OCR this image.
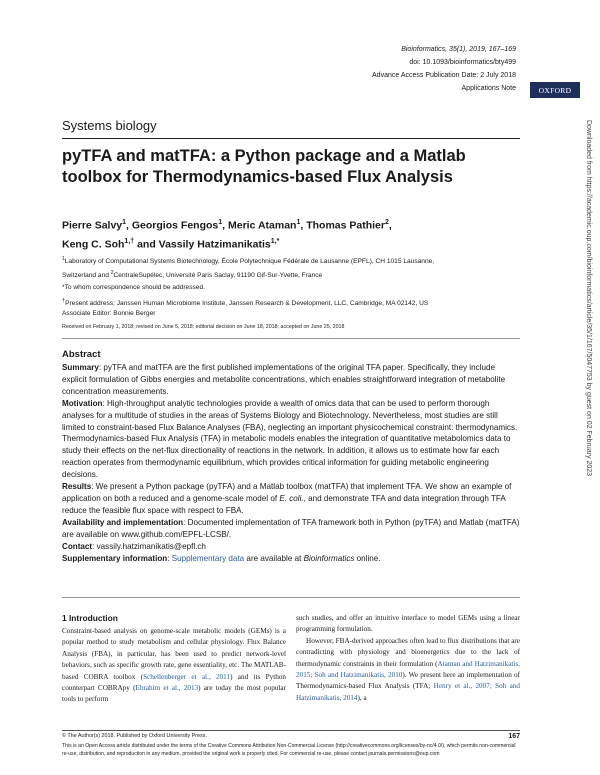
Bioinformatics, 35(1), 2019, 167–169
doi: 10.1093/bioinformatics/bty499
Advance Access Publication Date: 2 July 2018
Applications Note	OXFORD
Systems biology
pyTFA and matTFA: a Python package and a Matlab toolbox for Thermodynamics-based Flux Analysis
Pierre Salvy$^1$, Georgios Fengos$^1$, Meric Ataman$^1$, Thomas Pathier$^2$,
Keng C. Soh$^{1,\dagger}$ and Vassily Hatzimanikatis$^{1,*}$
$^1$Laboratory of Computational Systems Biotechnology, École Polytechnique Fédérale de Lausanne (EPFL), CH 1015 Lausanne, Switzerland and $^2$CentraleSupélec, Université Paris Saclay, 91190 Gif-Sur-Yvette, France
*To whom correspondence should be addressed.
†Present address: Janssen Human Microbiome Institute, Janssen Research & Development, LLC, Cambridge, MA 02142, US
Associate Editor: Bonnie Berger
Received on February 1, 2018; revised on June 5, 2018; editorial decision on June 18, 2018; accepted on June 25, 2018
Abstract

Summary: pyTFA and matTFA are the first published implementations of the original TFA paper. Specifically, they include explicit formulation of Gibbs energies and metabolite concentrations, which enables straightforward integration of metabolite concentration measurements.

Motivation: High-throughput analytic technologies provide a wealth of omics data that can be used to perform thorough analyses for a multitude of studies in the areas of Systems Biology and Biotechnology. Nevertheless, most studies are still limited to constraint-based Flux Balance Analyses (FBA), neglecting an important physicochemical constraint: thermodynamics. Thermodynamics-based Flux Analysis (TFA) in metabolic models enables the integration of quantitative metabolomics data to study their effects on the net-flux directionality of reactions in the network. In addition, it allows us to estimate how far each reaction operates from thermodynamic equilibrium, which provides critical information for guiding metabolic engineering decisions.

Results: We present a Python package (pyTFA) and a Matlab toolbox (matTFA) that implement TFA. We show an example of application on both a reduced and a genome-scale model of E. coli., and demonstrate TFA and data integration through TFA reduce the feasible flux space with respect to FBA.

Availability and implementation: Documented implementation of TFA framework both in Python (pyTFA) and Matlab (matTFA) are available on www.github.com/EPFL-LCSB/.

Contact: vassily.hatzimanikatis@epfl.ch

Supplementary information: Supplementary data are available at Bioinformatics online.

1 Introduction

Constraint-based analysis on genome-scale metabolic models (GEMs) is a popular method to study metabolism and cellular physiology. Flux Balance Analysis (FBA), in particular, has been used to predict network-level behaviors, such as specific growth rate, gene essentiality, etc. The MATLAB-based COBRA toolbox (Schellenberger et al., 2011) and its Python counterpart COBRApy (Ebrahim et al., 2013) are today the most popular tools to perform

such studies, and offer an intuitive interface to model GEMs using a linear programming formulation.

However, FBA-derived approaches often lead to flux distributions that are contradicting with physiology and bioenergetics due to the lack of thermodynamic constraints in their formulation (Ataman and Hatzimanikatis, 2015; Soh and Hatzimanikatis, 2010). We present here an implementation of Thermodynamics-based Flux Analysis (TFA; Henry et al., 2007; Soh and Hatzimanikatis, 2014), a

© The Author(s) 2018. Published by Oxford University Press.	167
This is an Open Access article distributed under the terms of the Creative Commons Attribution Non-Commercial License (http://creativecommons.org/licenses/by-nc/4.0/), which permits non-commercial re-use, distribution, and reproduction in any medium, provided the original work is properly cited. For commercial re-use, please contact journals.permissions@oup.com
Downloaded from https://academic.oup.com/bioinformatics/article/35/1/167/5047753 by guest on 02 February 2023
